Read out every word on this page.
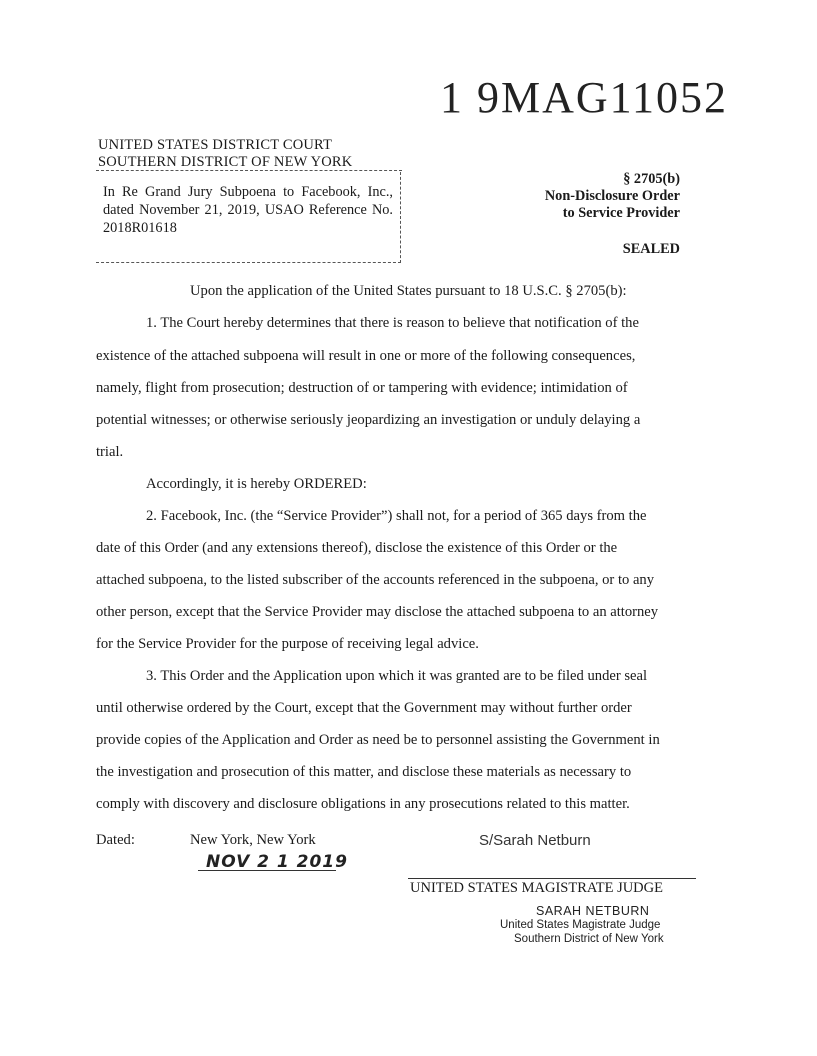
1 9MAG11052
UNITED STATES DISTRICT COURT
SOUTHERN DISTRICT OF NEW YORK
In Re Grand Jury Subpoena to Facebook, Inc., dated November 21, 2019, USAO Reference No. 2018R01618
§ 2705(b)
Non-Disclosure Order
to Service Provider
SEALED
Upon the application of the United States pursuant to 18 U.S.C. § 2705(b):
1. The Court hereby determines that there is reason to believe that notification of the
existence of the attached subpoena will result in one or more of the following consequences,
namely, flight from prosecution; destruction of or tampering with evidence; intimidation of
potential witnesses; or otherwise seriously jeopardizing an investigation or unduly delaying a
trial.
Accordingly, it is hereby ORDERED:
2. Facebook, Inc. (the “Service Provider”) shall not, for a period of 365 days from the
date of this Order (and any extensions thereof), disclose the existence of this Order or the
attached subpoena, to the listed subscriber of the accounts referenced in the subpoena, or to any
other person, except that the Service Provider may disclose the attached subpoena to an attorney
for the Service Provider for the purpose of receiving legal advice.
3. This Order and the Application upon which it was granted are to be filed under seal
until otherwise ordered by the Court, except that the Government may without further order
provide copies of the Application and Order as need be to personnel assisting the Government in
the investigation and prosecution of this matter, and disclose these materials as necessary to
comply with discovery and disclosure obligations in any prosecutions related to this matter.
Dated:	New York, New York
NOV 2 1 2019
S/Sarah Netburn
UNITED STATES MAGISTRATE JUDGE
SARAH NETBURN
United States Magistrate Judge
Southern District of New York
